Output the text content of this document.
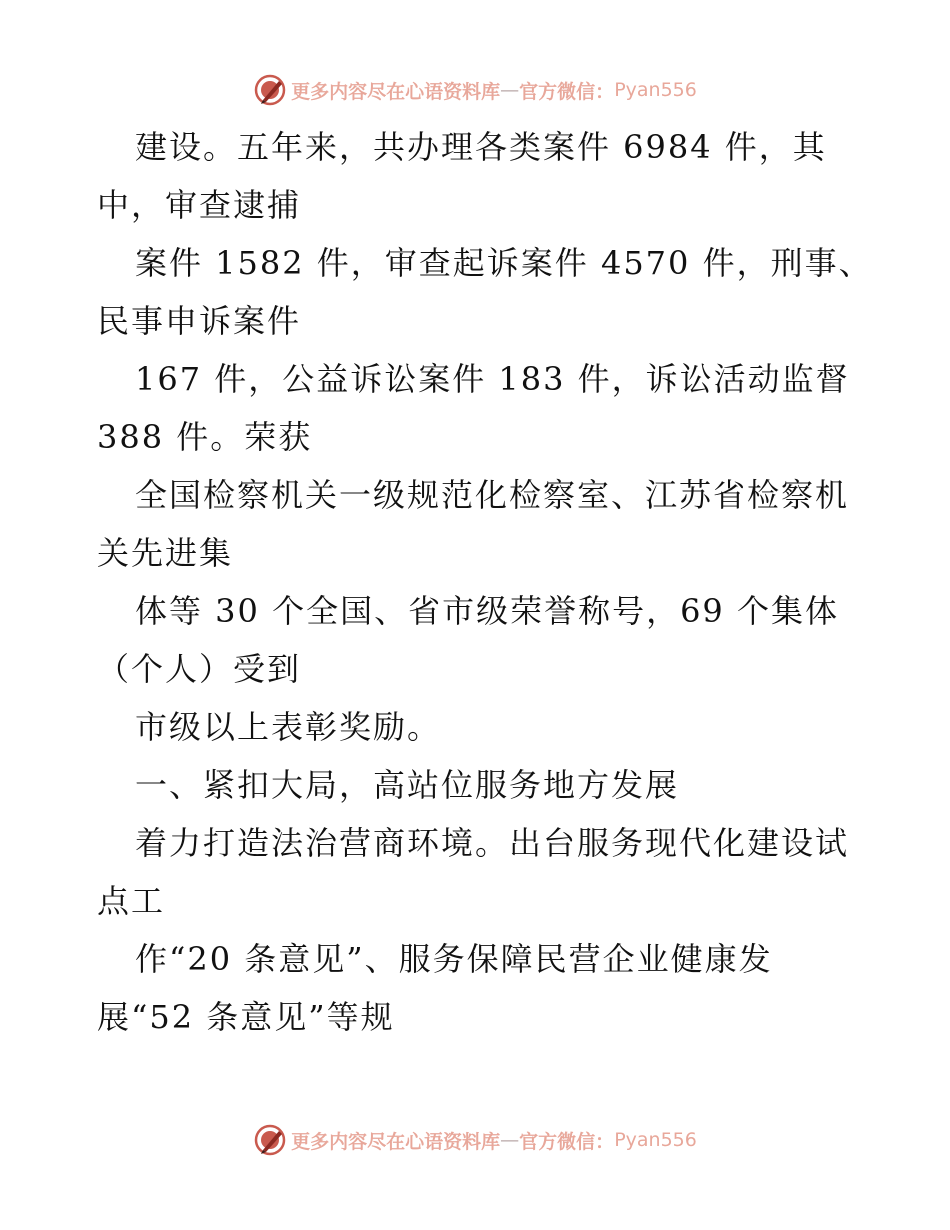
更多内容尽在心语资料库 — 官方微信： Pyan556
建设。五年来，共办理各类案件 6984 件，其
中，审查逮捕
案件 1582 件，审查起诉案件 4570 件，刑事、
民事申诉案件
167 件，公益诉讼案件 183 件，诉讼活动监督
388 件。荣获
全国检察机关一级规范化检察室、江苏省检察机
关先进集
体等 30 个全国、省市级荣誉称号，69 个集体
（个人）受到
市级以上表彰奖励。
一、紧扣大局，高站位服务地方发展
着力打造法治营商环境。出台服务现代化建设试
点工
作“20 条意见”、服务保障民营企业健康发
展“52 条意见”等规
更多内容尽在心语资料库 — 官方微信： Pyan556
